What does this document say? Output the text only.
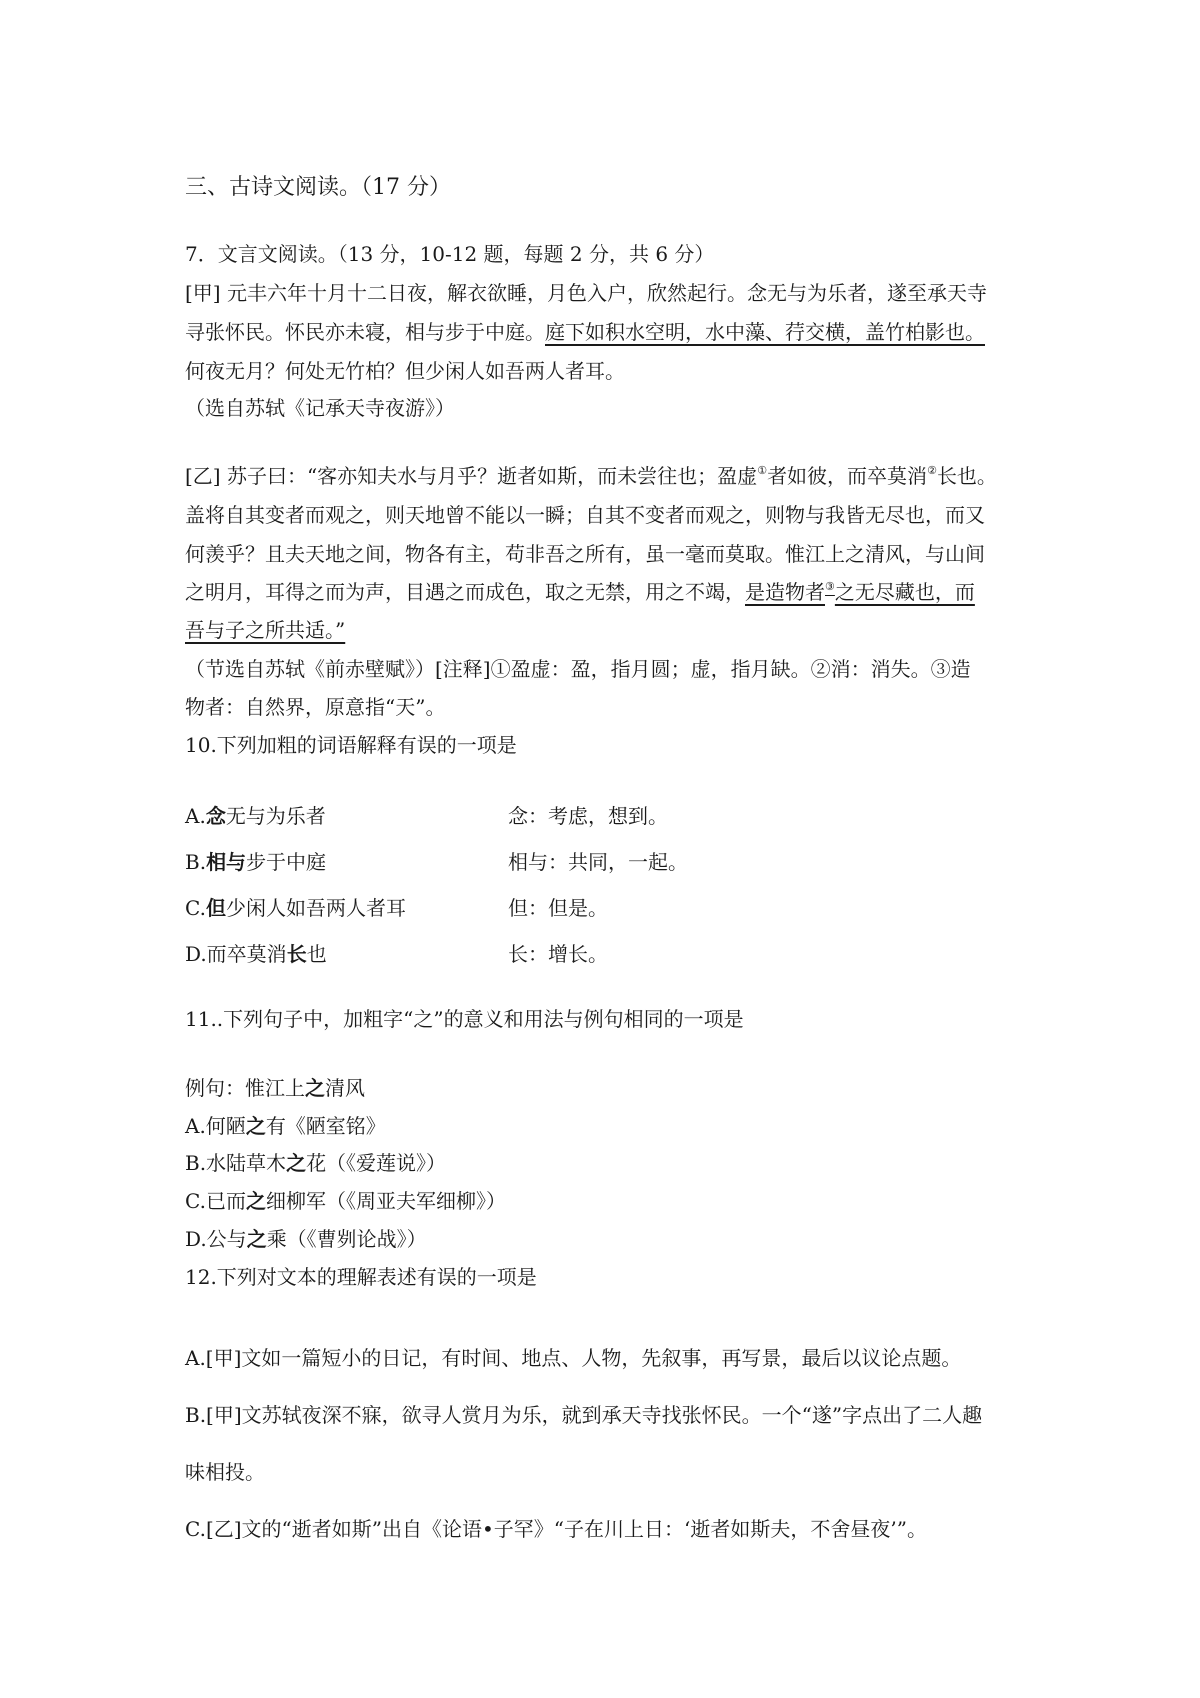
三、古诗文阅读。（17 分）
7．文言文阅读。（13 分，10-12 题，每题 2 分，共 6 分）
[甲] 元丰六年十月十二日夜，解衣欲睡，月色入户，欣然起行。念无与为乐者，遂至承天寺
寻张怀民。怀民亦未寝，相与步于中庭。庭下如积水空明，水中藻、荇交横，盖竹柏影也。
何夜无月？何处无竹柏？但少闲人如吾两人者耳。
（选自苏轼《记承天寺夜游》）
[乙] 苏子曰：“客亦知夫水与月乎？逝者如斯，而未尝往也；盈虚①者如彼，而卒莫消②长也。
盖将自其变者而观之，则天地曾不能以一瞬；自其不变者而观之，则物与我皆无尽也，而又
何羡乎？且夫天地之间，物各有主，苟非吾之所有，虽一毫而莫取。惟江上之清风，与山间
之明月，耳得之而为声，目遇之而成色，取之无禁，用之不竭，是造物者③之无尽藏也，而
吾与子之所共适。”
（节选自苏轼《前赤壁赋》）[注释]①盈虚：盈，指月圆；虚，指月缺。②消：消失。③造
物者：自然界，原意指“天”。
10.下列加粗的词语解释有误的一项是
A.念无与为乐者	念：考虑，想到。
B.相与步于中庭	相与：共同，一起。
C.但少闲人如吾两人者耳	但：但是。
D.而卒莫消长也	长：增长。
11..下列句子中，加粗字“之”的意义和用法与例句相同的一项是
例句：惟江上之清风
A.何陋之有《陋室铭》
B.水陆草木之花（《爱莲说》）
C.已而之细柳军（《周亚夫军细柳》）
D.公与之乘（《曹刿论战》）
12.下列对文本的理解表述有误的一项是
A.[甲]文如一篇短小的日记，有时间、地点、人物，先叙事，再写景，最后以议论点题。
B.[甲]文苏轼夜深不寐，欲寻人赏月为乐，就到承天寺找张怀民。一个“遂”字点出了二人趣
味相投。
C.[乙]文的“逝者如斯”出自《论语•子罕》“子在川上日：‘逝者如斯夫，不舍昼夜’”。
